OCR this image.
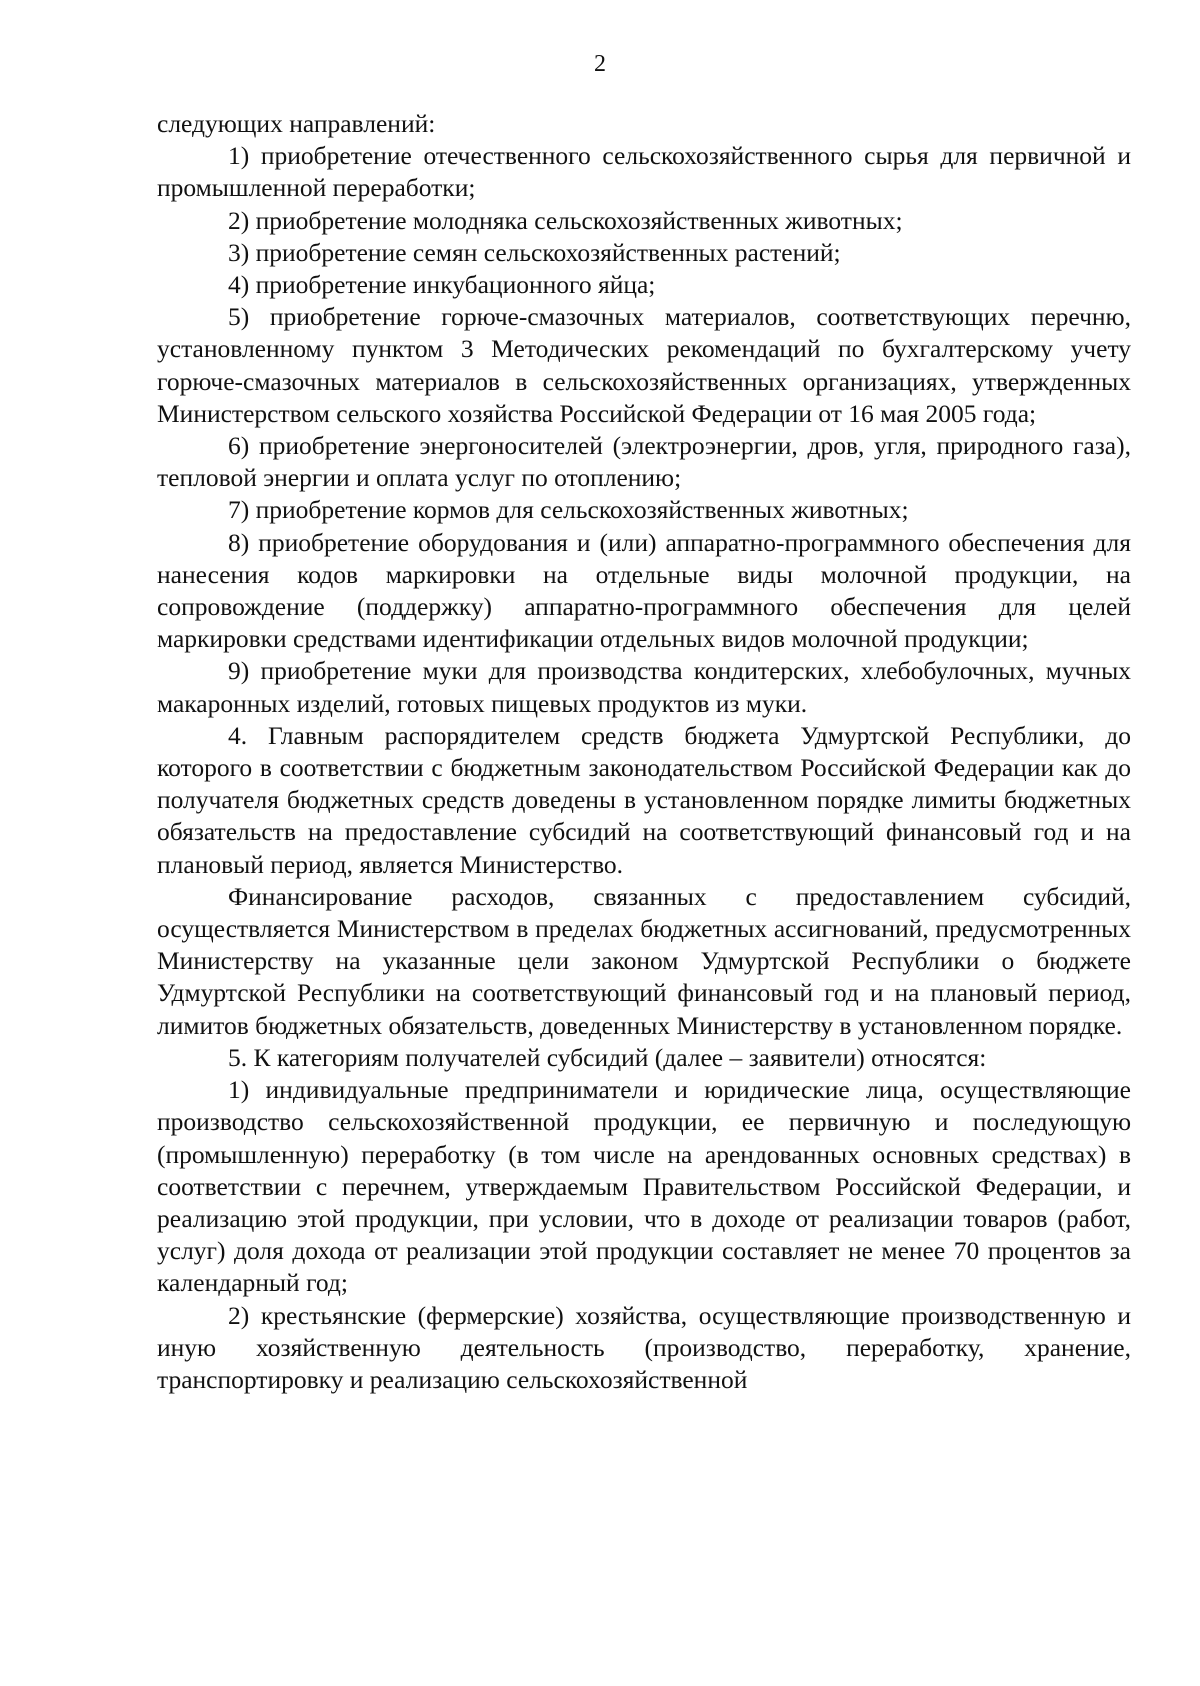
2

следующих направлений:

1) приобретение отечественного сельскохозяйственного сырья для первичной и промышленной переработки;

2) приобретение молодняка сельскохозяйственных животных;

3) приобретение семян сельскохозяйственных растений;

4) приобретение инкубационного яйца;

5) приобретение горюче-смазочных материалов, соответствующих перечню, установленному пунктом 3 Методических рекомендаций по бухгалтерскому учету горюче-смазочных материалов в сельскохозяйственных организациях, утвержденных Министерством сельского хозяйства Российской Федерации от 16 мая 2005 года;

6) приобретение энергоносителей (электроэнергии, дров, угля, природного газа), тепловой энергии и оплата услуг по отоплению;

7) приобретение кормов для сельскохозяйственных животных;

8) приобретение оборудования и (или) аппаратно-программного обеспечения для нанесения кодов маркировки на отдельные виды молочной продукции, на сопровождение (поддержку) аппаратно-программного обеспечения для целей маркировки средствами идентификации отдельных видов молочной продукции;

9) приобретение муки для производства кондитерских, хлебобулочных, мучных макаронных изделий, готовых пищевых продуктов из муки.

4. Главным распорядителем средств бюджета Удмуртской Республики, до которого в соответствии с бюджетным законодательством Российской Федерации как до получателя бюджетных средств доведены в установленном порядке лимиты бюджетных обязательств на предоставление субсидий на соответствующий финансовый год и на плановый период, является Министерство.

Финансирование расходов, связанных с предоставлением субсидий, осуществляется Министерством в пределах бюджетных ассигнований, предусмотренных Министерству на указанные цели законом Удмуртской Республики о бюджете Удмуртской Республики на соответствующий финансовый год и на плановый период, лимитов бюджетных обязательств, доведенных Министерству в установленном порядке.

5. К категориям получателей субсидий (далее – заявители) относятся:

1) индивидуальные предприниматели и юридические лица, осуществляющие производство сельскохозяйственной продукции, ее первичную и последующую (промышленную) переработку (в том числе на арендованных основных средствах) в соответствии с перечнем, утверждаемым Правительством Российской Федерации, и реализацию этой продукции, при условии, что в доходе от реализации товаров (работ, услуг) доля дохода от реализации этой продукции составляет не менее 70 процентов за календарный год;

2) крестьянские (фермерские) хозяйства, осуществляющие производственную и иную хозяйственную деятельность (производство, переработку, хранение, транспортировку и реализацию сельскохозяйственной
